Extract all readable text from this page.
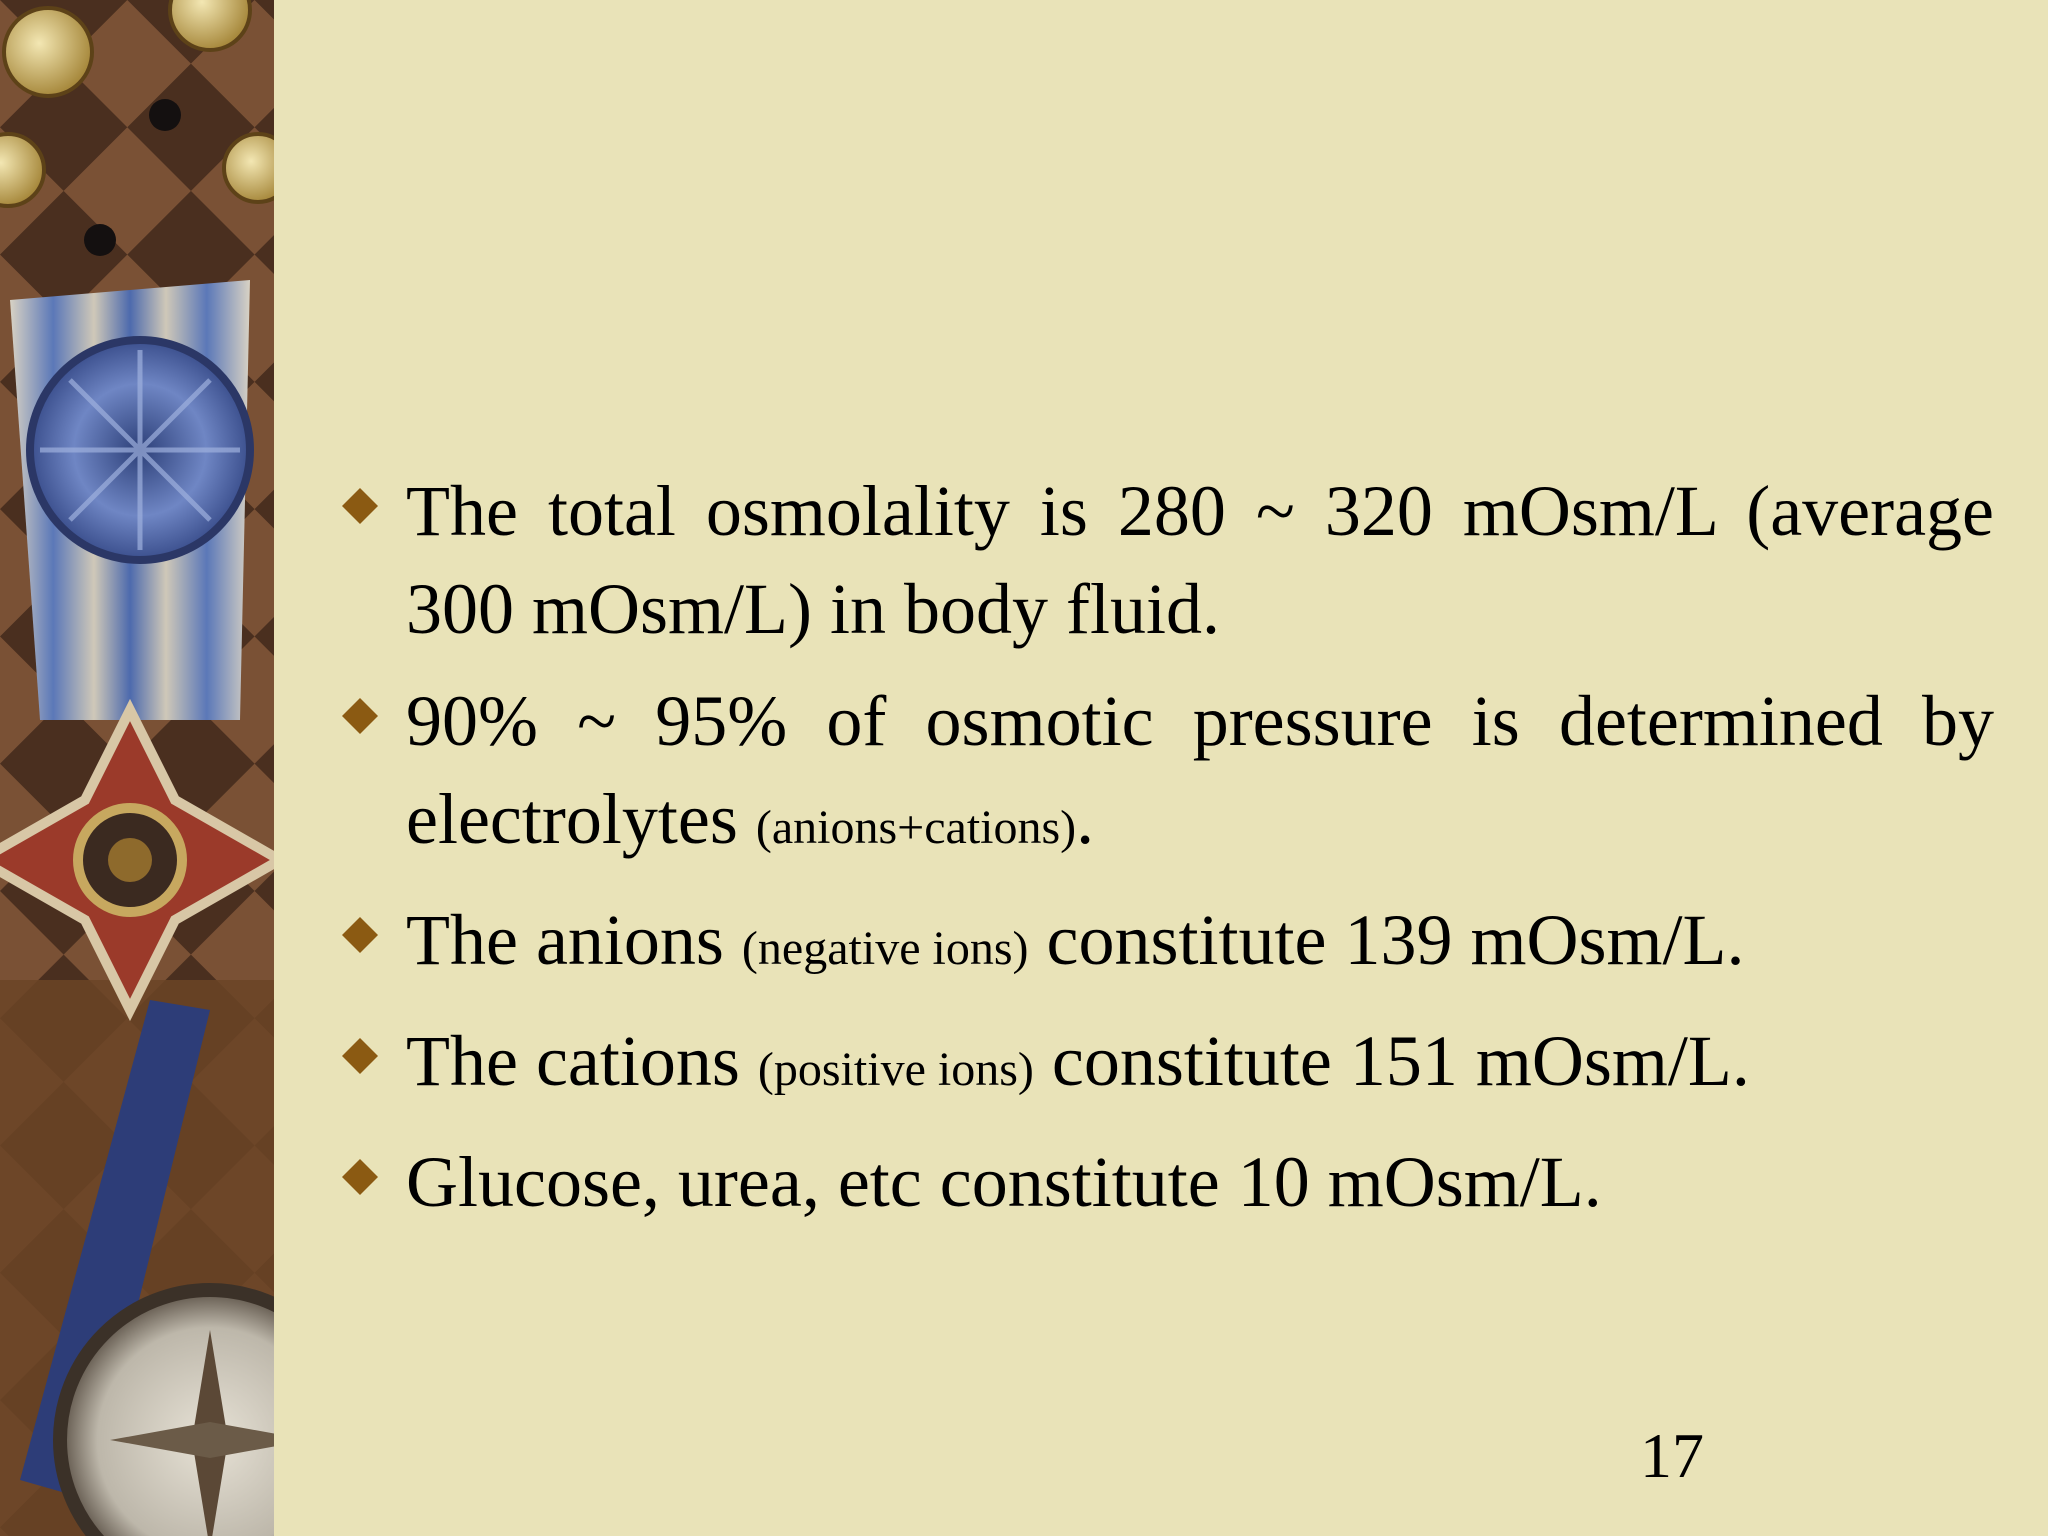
The total osmolality is 280 ~ 320 mOsm/L (average 300 mOsm/L) in body fluid.
90% ~ 95% of osmotic pressure is determined by electrolytes (anions+cations).
The anions (negative ions) constitute 139 mOsm/L.
The cations (positive ions) constitute 151 mOsm/L.
Glucose, urea, etc constitute 10 mOsm/L.
17
